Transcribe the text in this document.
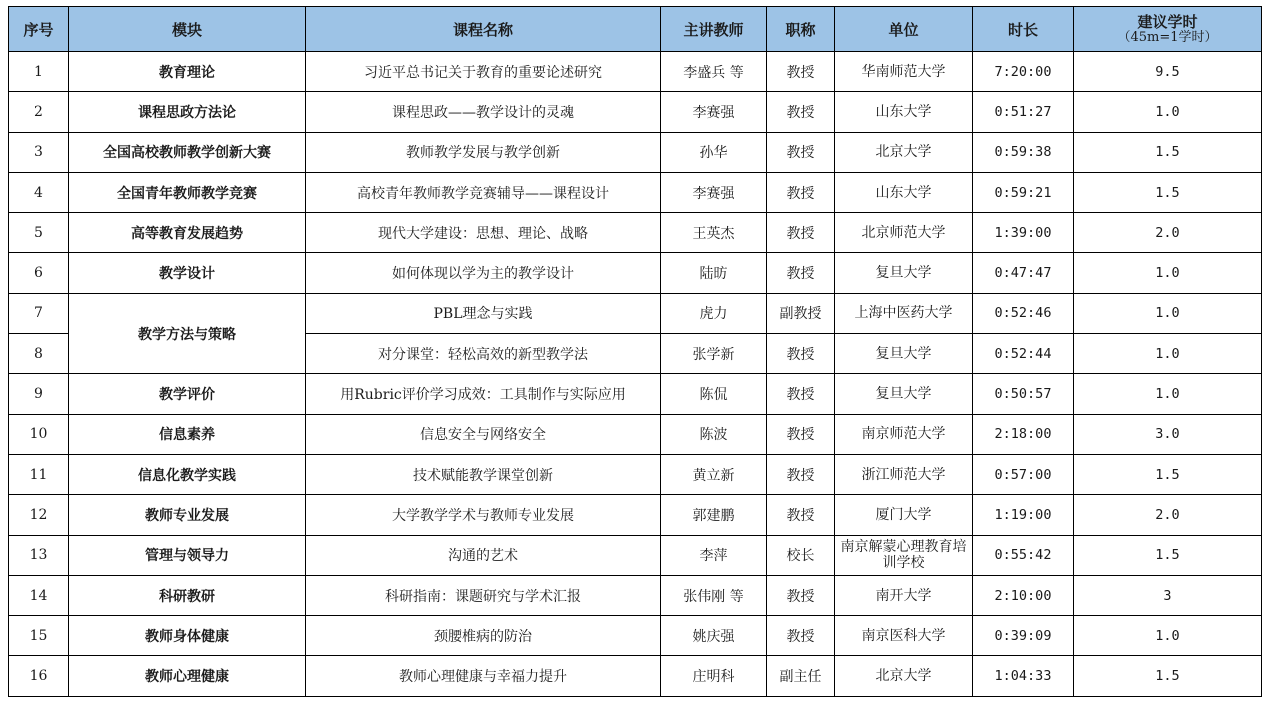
序号	模块	课程名称	主讲教师	职称	单位	时长	建议学时
（45m=1学时）

1	教育理论	习近平总书记关于教育的重要论述研究	李盛兵 等	教授	华南师范大学	7:20:00	9.5
2	课程思政方法论	课程思政——教学设计的灵魂	李赛强	教授	山东大学	0:51:27	1.0
3	全国高校教师教学创新大赛	教师教学发展与教学创新	孙华	教授	北京大学	0:59:38	1.5
4	全国青年教师教学竞赛	高校青年教师教学竞赛辅导——课程设计	李赛强	教授	山东大学	0:59:21	1.5
5	高等教育发展趋势	现代大学建设：思想、理论、战略	王英杰	教授	北京师范大学	1:39:00	2.0
6	教学设计	如何体现以学为主的教学设计	陆昉	教授	复旦大学	0:47:47	1.0
7	教学方法与策略	PBL理念与实践	虎力	副教授	上海中医药大学	0:52:46	1.0
8		对分课堂：轻松高效的新型教学法	张学新	教授	复旦大学	0:52:44	1.0
9	教学评价	用Rubric评价学习成效：工具制作与实际应用	陈侃	教授	复旦大学	0:50:57	1.0
10	信息素养	信息安全与网络安全	陈波	教授	南京师范大学	2:18:00	3.0
11	信息化教学实践	技术赋能教学课堂创新	黄立新	教授	浙江师范大学	0:57:00	1.5
12	教师专业发展	大学教学学术与教师专业发展	郭建鹏	教授	厦门大学	1:19:00	2.0
13	管理与领导力	沟通的艺术	李萍	校长	南京解蒙心理教育培训学校	0:55:42	1.5
14	科研教研	科研指南：课题研究与学术汇报	张伟刚 等	教授	南开大学	2:10:00	3
15	教师身体健康	颈腰椎病的防治	姚庆强	教授	南京医科大学	0:39:09	1.0
16	教师心理健康	教师心理健康与幸福力提升	庄明科	副主任	北京大学	1:04:33	1.5
